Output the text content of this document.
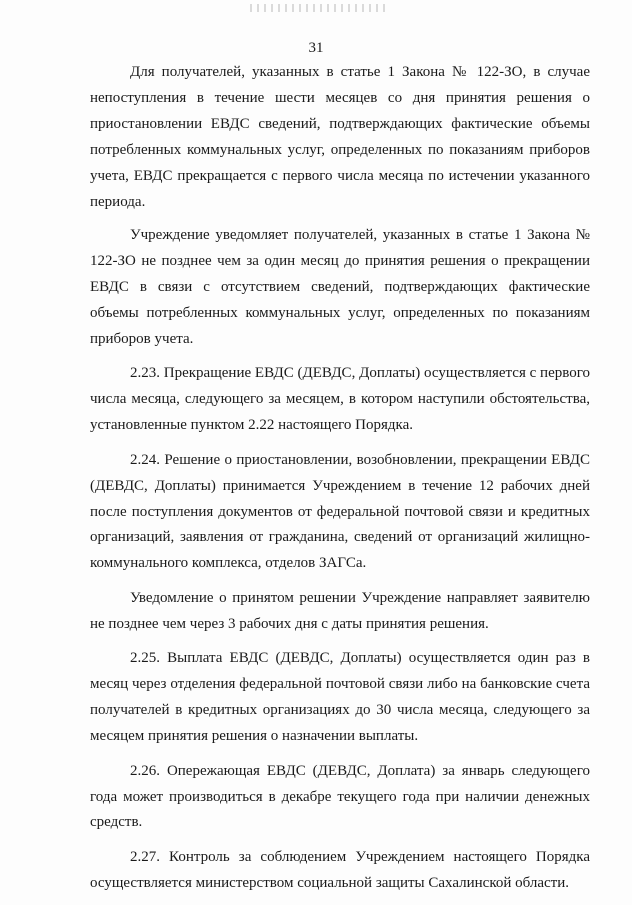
31

Для получателей, указанных в статье 1 Закона № 122-ЗО, в случае непоступления в течение шести месяцев со дня принятия решения о приостановлении ЕВДС сведений, подтверждающих фактические объемы потребленных коммунальных услуг, определенных по показаниям приборов учета, ЕВДС прекращается с первого числа месяца по истечении указанного периода.

Учреждение уведомляет получателей, указанных в статье 1 Закона № 122-ЗО не позднее чем за один месяц до принятия решения о прекращении ЕВДС в связи с отсутствием сведений, подтверждающих фактические объемы потребленных коммунальных услуг, определенных по показаниям приборов учета.

2.23. Прекращение ЕВДС (ДЕВДС, Доплаты) осуществляется с первого числа месяца, следующего за месяцем, в котором наступили обстоятельства, установленные пунктом 2.22 настоящего Порядка.

2.24. Решение о приостановлении, возобновлении, прекращении ЕВДС (ДЕВДС, Доплаты) принимается Учреждением в течение 12 рабочих дней после поступления документов от федеральной почтовой связи и кредитных организаций, заявления от гражданина, сведений от организаций жилищно-коммунального комплекса, отделов ЗАГСа.

Уведомление о принятом решении Учреждение направляет заявителю не позднее чем через 3 рабочих дня с даты принятия решения.

2.25. Выплата ЕВДС (ДЕВДС, Доплаты) осуществляется один раз в месяц через отделения федеральной почтовой связи либо на банковские счета получателей в кредитных организациях до 30 числа месяца, следующего за месяцем принятия решения о назначении выплаты.

2.26. Опережающая ЕВДС (ДЕВДС, Доплата) за январь следующего года может производиться в декабре текущего года при наличии денежных средств.

2.27. Контроль за соблюдением Учреждением настоящего Порядка осуществляется министерством социальной защиты Сахалинской области.
